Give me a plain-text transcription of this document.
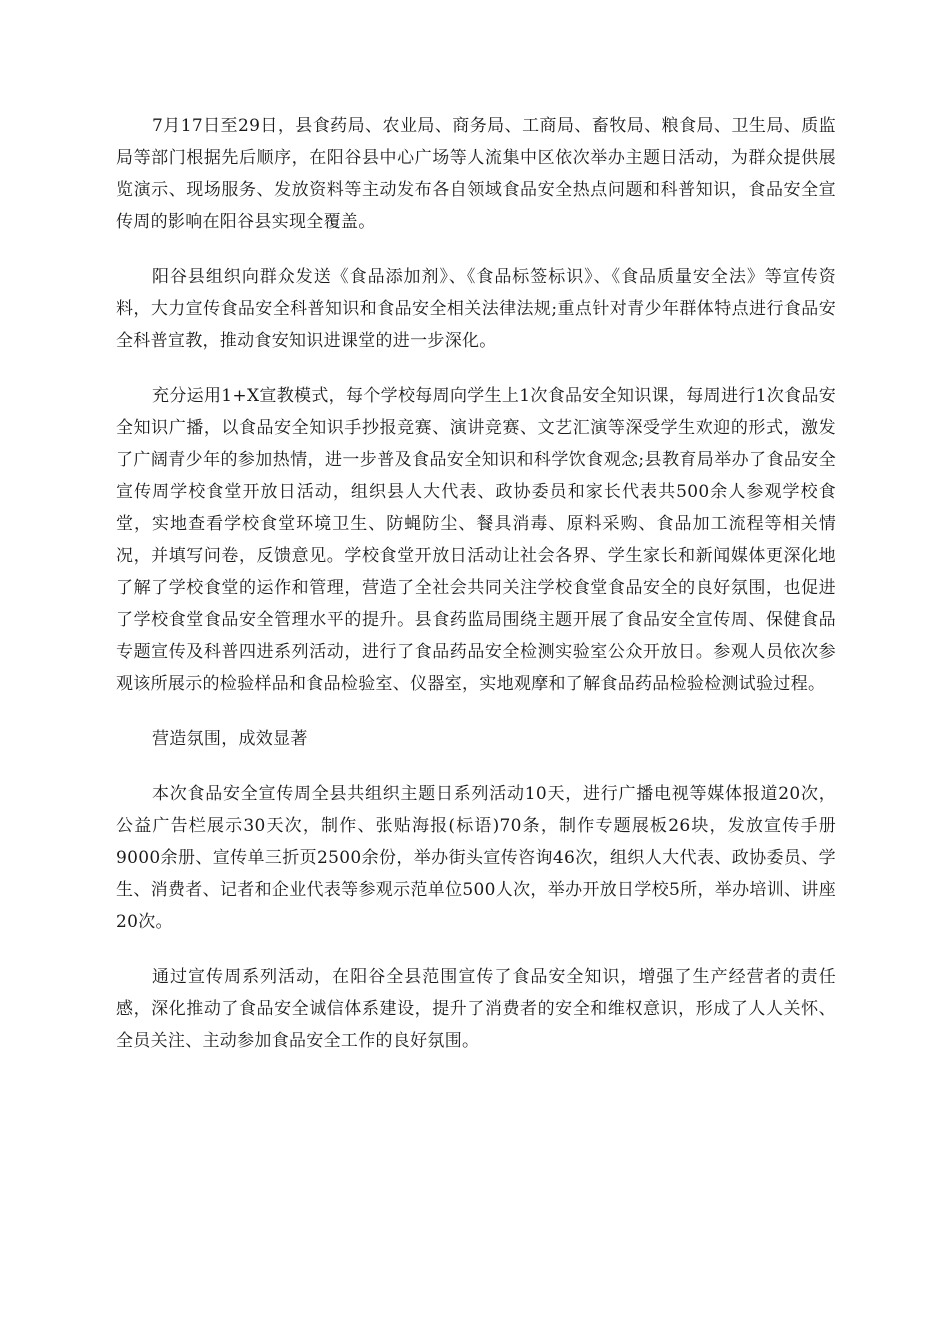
7月17日至29日，县食药局、农业局、商务局、工商局、畜牧局、粮食局、卫生局、质监局等部门根据先后顺序，在阳谷县中心广场等人流集中区依次举办主题日活动，为群众提供展览演示、现场服务、发放资料等主动发布各自领域食品安全热点问题和科普知识，食品安全宣传周的影响在阳谷县实现全覆盖。

阳谷县组织向群众发送《食品添加剂》、《食品标签标识》、《食品质量安全法》等宣传资料，大力宣传食品安全科普知识和食品安全相关法律法规;重点针对青少年群体特点进行食品安全科普宣教，推动食安知识进课堂的进一步深化。

充分运用1+X宣教模式，每个学校每周向学生上1次食品安全知识课，每周进行1次食品安全知识广播，以食品安全知识手抄报竞赛、演讲竞赛、文艺汇演等深受学生欢迎的形式，激发了广阔青少年的参加热情，进一步普及食品安全知识和科学饮食观念;县教育局举办了食品安全宣传周学校食堂开放日活动，组织县人大代表、政协委员和家长代表共500余人参观学校食堂，实地查看学校食堂环境卫生、防蝇防尘、餐具消毒、原料采购、食品加工流程等相关情况，并填写问卷，反馈意见。学校食堂开放日活动让社会各界、学生家长和新闻媒体更深化地了解了学校食堂的运作和管理，营造了全社会共同关注学校食堂食品安全的良好氛围，也促进了学校食堂食品安全管理水平的提升。县食药监局围绕主题开展了食品安全宣传周、保健食品专题宣传及科普四进系列活动，进行了食品药品安全检测实验室公众开放日。参观人员依次参观该所展示的检验样品和食品检验室、仪器室，实地观摩和了解食品药品检验检测试验过程。

营造氛围，成效显著

本次食品安全宣传周全县共组织主题日系列活动10天，进行广播电视等媒体报道20次，公益广告栏展示30天次，制作、张贴海报(标语)70条，制作专题展板26块，发放宣传手册9000余册、宣传单三折页2500余份，举办街头宣传咨询46次，组织人大代表、政协委员、学生、消费者、记者和企业代表等参观示范单位500人次，举办开放日学校5所，举办培训、讲座20次。

通过宣传周系列活动，在阳谷全县范围宣传了食品安全知识，增强了生产经营者的责任感，深化推动了食品安全诚信体系建设，提升了消费者的安全和维权意识，形成了人人关怀、全员关注、主动参加食品安全工作的良好氛围。
